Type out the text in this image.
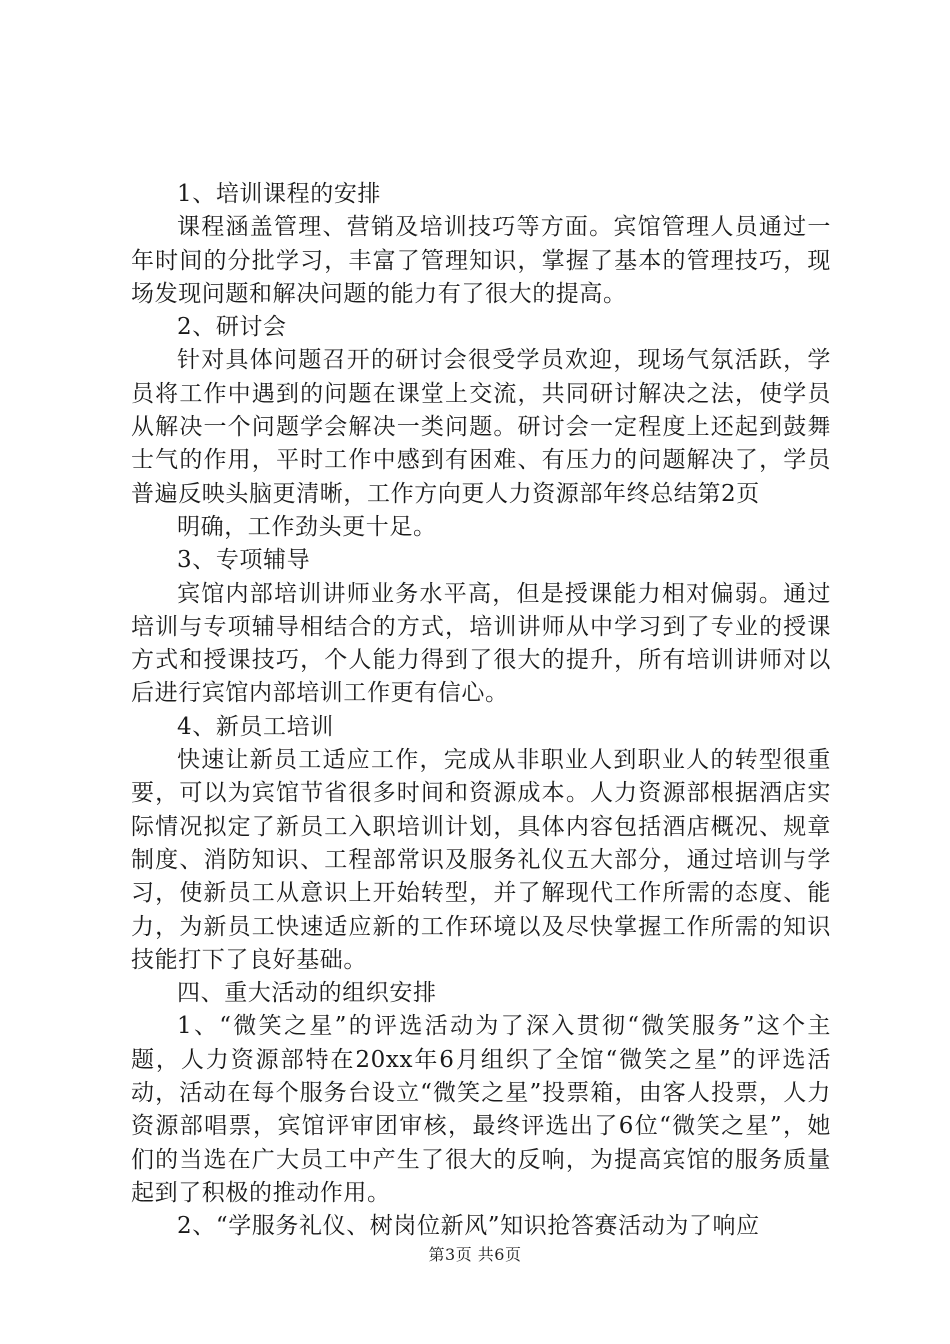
1、培训课程的安排

课程涵盖管理、营销及培训技巧等方面。宾馆管理人员通过一年时间的分批学习，丰富了管理知识，掌握了基本的管理技巧，现场发现问题和解决问题的能力有了很大的提高。

2、研讨会

针对具体问题召开的研讨会很受学员欢迎，现场气氛活跃，学员将工作中遇到的问题在课堂上交流，共同研讨解决之法，使学员从解决一个问题学会解决一类问题。研讨会一定程度上还起到鼓舞士气的作用，平时工作中感到有困难、有压力的问题解决了，学员普遍反映头脑更清晰，工作方向更人力资源部年终总结第2页

明确，工作劲头更十足。

3、专项辅导

宾馆内部培训讲师业务水平高，但是授课能力相对偏弱。通过培训与专项辅导相结合的方式，培训讲师从中学习到了专业的授课方式和授课技巧，个人能力得到了很大的提升，所有培训讲师对以后进行宾馆内部培训工作更有信心。

4、新员工培训

快速让新员工适应工作，完成从非职业人到职业人的转型很重要，可以为宾馆节省很多时间和资源成本。人力资源部根据酒店实际情况拟定了新员工入职培训计划，具体内容包括酒店概况、规章制度、消防知识、工程部常识及服务礼仪五大部分，通过培训与学习，使新员工从意识上开始转型，并了解现代工作所需的态度、能力，为新员工快速适应新的工作环境以及尽快掌握工作所需的知识技能打下了良好基础。

四、重大活动的组织安排

1、“微笑之星”的评选活动为了深入贯彻“微笑服务”这个主题，人力资源部特在20xx年6月组织了全馆“微笑之星”的评选活动，活动在每个服务台设立“微笑之星”投票箱，由客人投票，人力资源部唱票，宾馆评审团审核，最终评选出了6位“微笑之星”，她们的当选在广大员工中产生了很大的反响，为提高宾馆的服务质量起到了积极的推动作用。

2、“学服务礼仪、树岗位新风”知识抢答赛活动为了响应

第3页 共6页
